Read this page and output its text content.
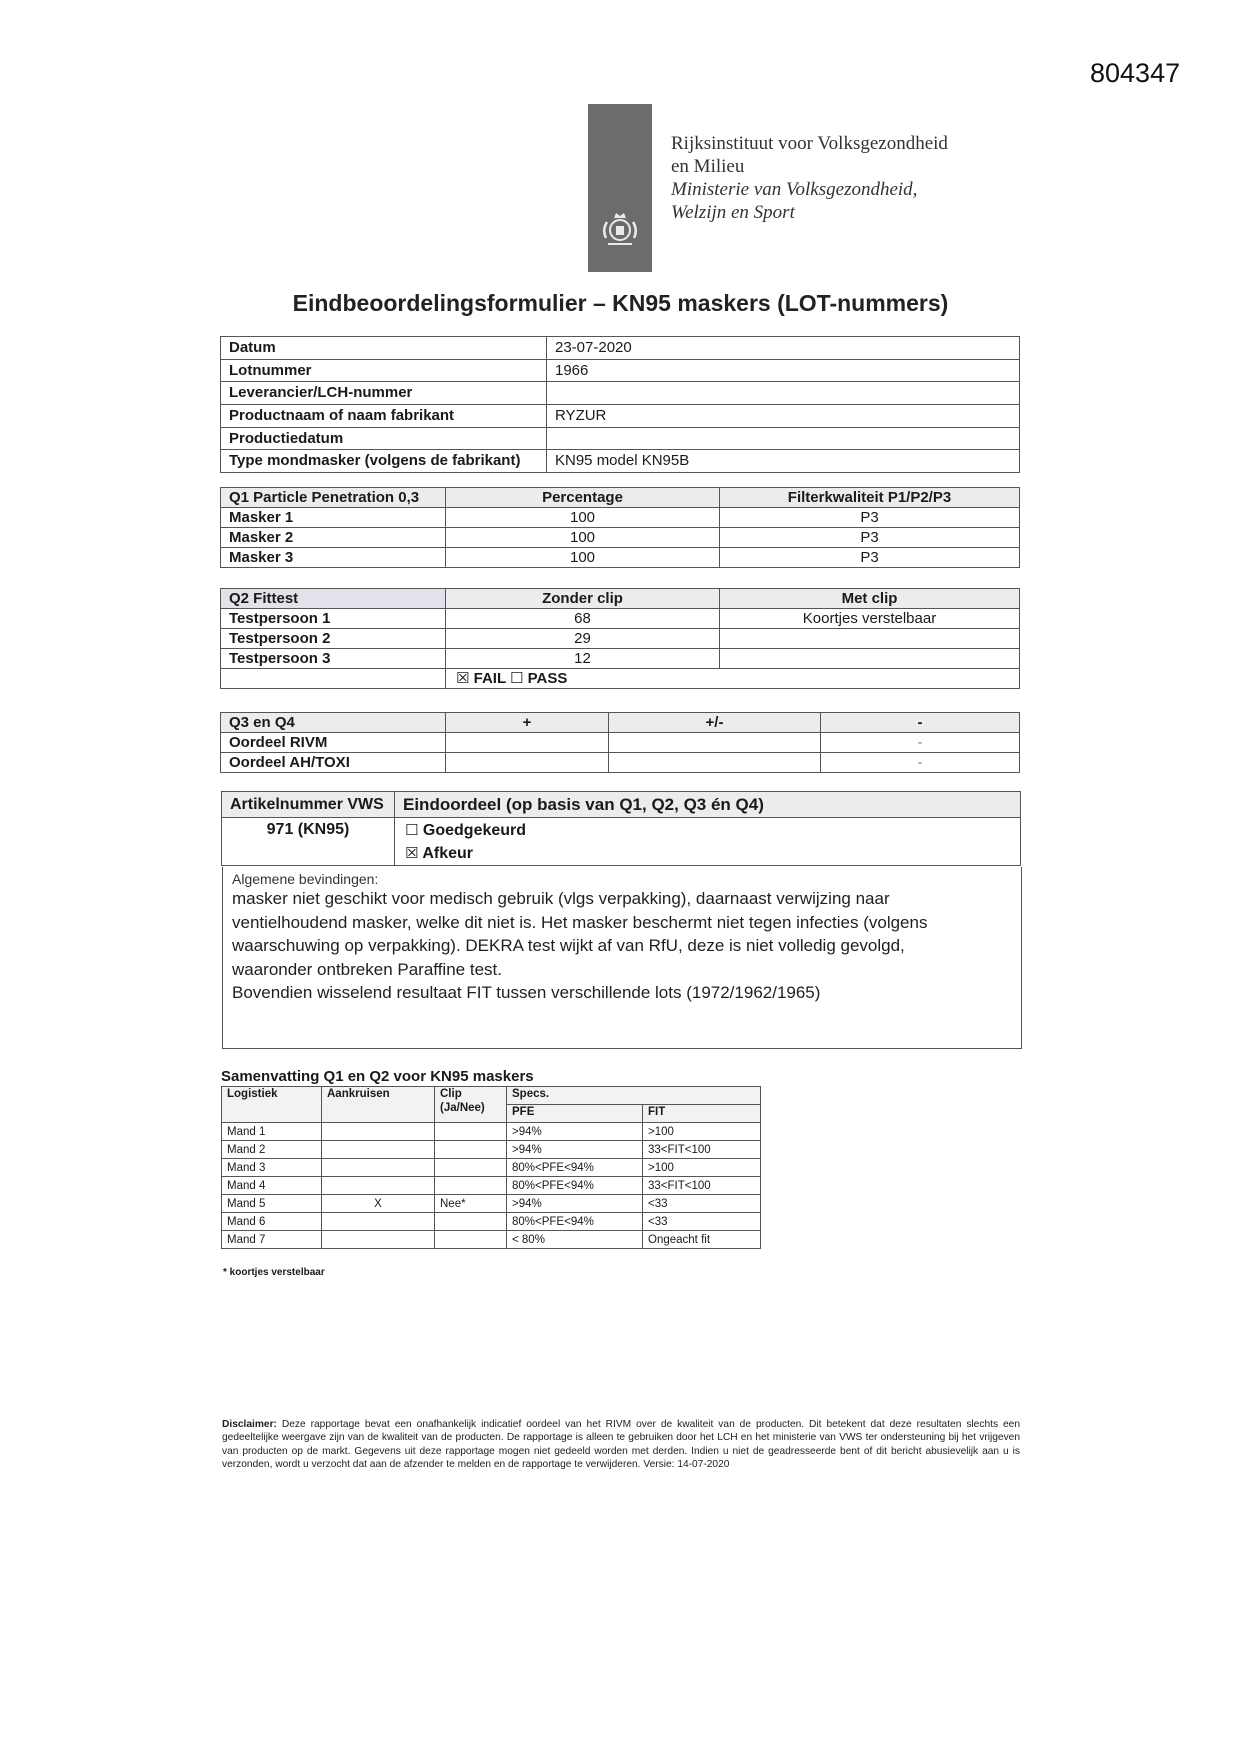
804347
Rijksinstituut voor Volksgezondheid
en Milieu
Ministerie van Volksgezondheid,
Welzijn en Sport
Eindbeoordelingsformulier – KN95 maskers (LOT-nummers)
Datum	23-07-2020
Lotnummer	1966
Leverancier/LCH-nummer	
Productnaam of naam fabrikant	RYZUR
Productiedatum	
Type mondmasker (volgens de fabrikant)	KN95 model KN95B
Q1 Particle Penetration 0,3	Percentage	Filterkwaliteit P1/P2/P3
Masker 1	100	P3
Masker 2	100	P3
Masker 3	100	P3
Q2 Fittest	Zonder clip	Met clip
Testpersoon 1	68	Koortjes verstelbaar
Testpersoon 2	29	
Testpersoon 3	12	
	☒ FAIL ☐ PASS	
Q3 en Q4	+	+/-	-
Oordeel RIVM			-
Oordeel AH/TOXI			-
Artikelnummer VWS	Eindoordeel (op basis van Q1, Q2, Q3 én Q4)
971 (KN95)	☐ Goedgekeurd
☒ Afkeur
Algemene bevindingen:
masker niet geschikt voor medisch gebruik (vlgs verpakking), daarnaast verwijzing naar
ventielhoudend masker, welke dit niet is. Het masker beschermt niet tegen infecties (volgens
waarschuwing op verpakking). DEKRA test wijkt af van RfU, deze is niet volledig gevolgd,
waaronder ontbreken Paraffine test.
Bovendien wisselend resultaat FIT tussen verschillende lots (1972/1962/1965)
Samenvatting Q1 en Q2 voor KN95 maskers
Logistiek	Aankruisen	Clip (Ja/Nee)	Specs.	
			PFE	FIT
Mand 1			>94%	>100
Mand 2			>94%	33<FIT<100
Mand 3			80%<PFE<94%	>100
Mand 4			80%<PFE<94%	33<FIT<100
Mand 5	X	Nee*	>94%	<33
Mand 6			80%<PFE<94%	<33
Mand 7			< 80%	Ongeacht fit
* koortjes verstelbaar
Disclaimer: Deze rapportage bevat een onafhankelijk indicatief oordeel van het RIVM over de kwaliteit van de producten. Dit betekent dat deze resultaten slechts een gedeeltelijke weergave zijn van de kwaliteit van de producten. De rapportage is alleen te gebruiken door het LCH en het ministerie van VWS ter ondersteuning bij het vrijgeven van producten op de markt. Gegevens uit deze rapportage mogen niet gedeeld worden met derden. Indien u niet de geadresseerde bent of dit bericht abusievelijk aan u is verzonden, wordt u verzocht dat aan de afzender te melden en de rapportage te verwijderen. Versie: 14-07-2020
